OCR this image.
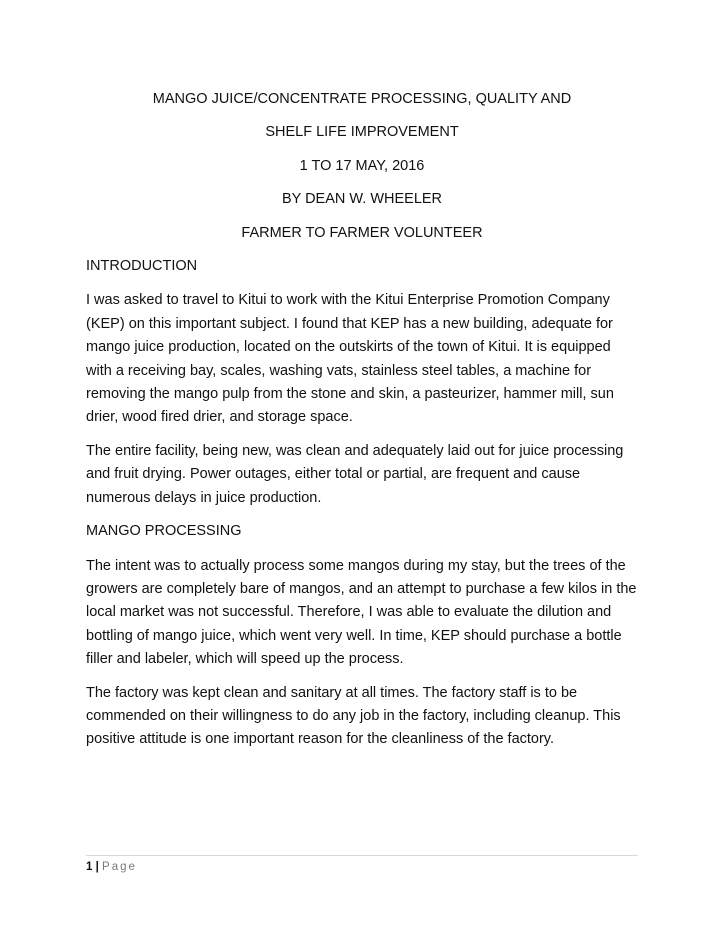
MANGO JUICE/CONCENTRATE PROCESSING, QUALITY AND
SHELF LIFE IMPROVEMENT
1 TO 17 MAY, 2016
BY DEAN W. WHEELER
FARMER TO FARMER VOLUNTEER
INTRODUCTION

I was asked to travel to Kitui to work with the Kitui Enterprise Promotion Company (KEP) on this important subject. I found that KEP has a new building, adequate for mango juice production, located on the outskirts of the town of Kitui. It is equipped with a receiving bay, scales, washing vats, stainless steel tables, a machine for removing the mango pulp from the stone and skin, a pasteurizer, hammer mill, sun drier, wood fired drier, and storage space.

The entire facility, being new, was clean and adequately laid out for juice processing and fruit drying. Power outages, either total or partial, are frequent and cause numerous delays in juice production.

MANGO PROCESSING

The intent was to actually process some mangos during my stay, but the trees of the growers are completely bare of mangos, and an attempt to purchase a few kilos in the local market was not successful. Therefore, I was able to evaluate the dilution and bottling of mango juice, which went very well. In time, KEP should purchase a bottle filler and labeler, which will speed up the process.

The factory was kept clean and sanitary at all times. The factory staff is to be commended on their willingness to do any job in the factory, including cleanup. This positive attitude is one important reason for the cleanliness of the factory.

1 | Page
